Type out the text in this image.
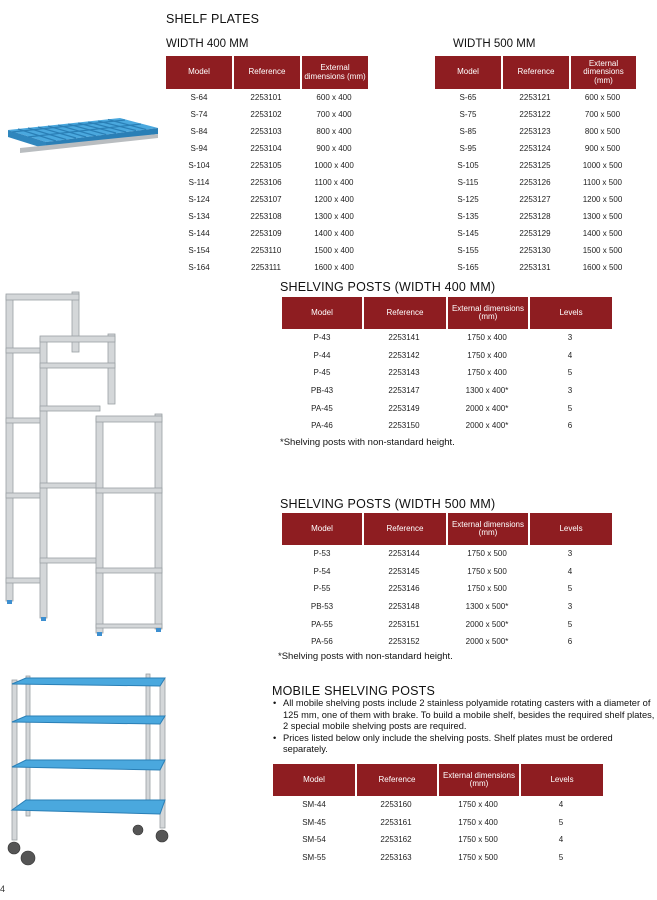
SHELF PLATES
WIDTH 400 MM	WIDTH 500 MM
Model	Reference	External dimensions (mm)
S-64	2253101	600 x 400
S-74	2253102	700 x 400
S-84	2253103	800 x 400
S-94	2253104	900 x 400
S-104	2253105	1000 x 400
S-114	2253106	1100 x 400
S-124	2253107	1200 x 400
S-134	2253108	1300 x 400
S-144	2253109	1400 x 400
S-154	2253110	1500 x 400
S-164	2253111	1600 x 400
Model	Reference	External dimensions (mm)
S-65	2253121	600 x 500
S-75	2253122	700 x 500
S-85	2253123	800 x 500
S-95	2253124	900 x 500
S-105	2253125	1000 x 500
S-115	2253126	1100 x 500
S-125	2253127	1200 x 500
S-135	2253128	1300 x 500
S-145	2253129	1400 x 500
S-155	2253130	1500 x 500
S-165	2253131	1600 x 500
SHELVING POSTS (WIDTH 400 MM)
Model	Reference	External dimensions (mm)	Levels
P-43	2253141	1750 x 400	3
P-44	2253142	1750 x 400	4
P-45	2253143	1750 x 400	5
PB-43	2253147	1300 x 400*	3
PA-45	2253149	2000 x 400*	5
PA-46	2253150	2000 x 400*	6
*Shelving posts with non-standard height.
SHELVING POSTS (WIDTH 500 MM)
Model	Reference	External dimensions (mm)	Levels
P-53	2253144	1750 x 500	3
P-54	2253145	1750 x 500	4
P-55	2253146	1750 x 500	5
PB-53	2253148	1300 x 500*	3
PA-55	2253151	2000 x 500*	5
PA-56	2253152	2000 x 500*	6
*Shelving posts with non-standard height.
MOBILE SHELVING POSTS
• All mobile shelving posts include 2 stainless polyamide rotating casters with a diameter of 125 mm, one of them with brake. To build a mobile shelf, besides the required shelf plates, 2 special mobile shelving posts are required.
• Prices listed below only include the shelving posts. Shelf plates must be ordered separately.
Model	Reference	External dimensions (mm)	Levels
SM-44	2253160	1750 x 400	4
SM-45	2253161	1750 x 400	5
SM-54	2253162	1750 x 500	4
SM-55	2253163	1750 x 500	5
4
